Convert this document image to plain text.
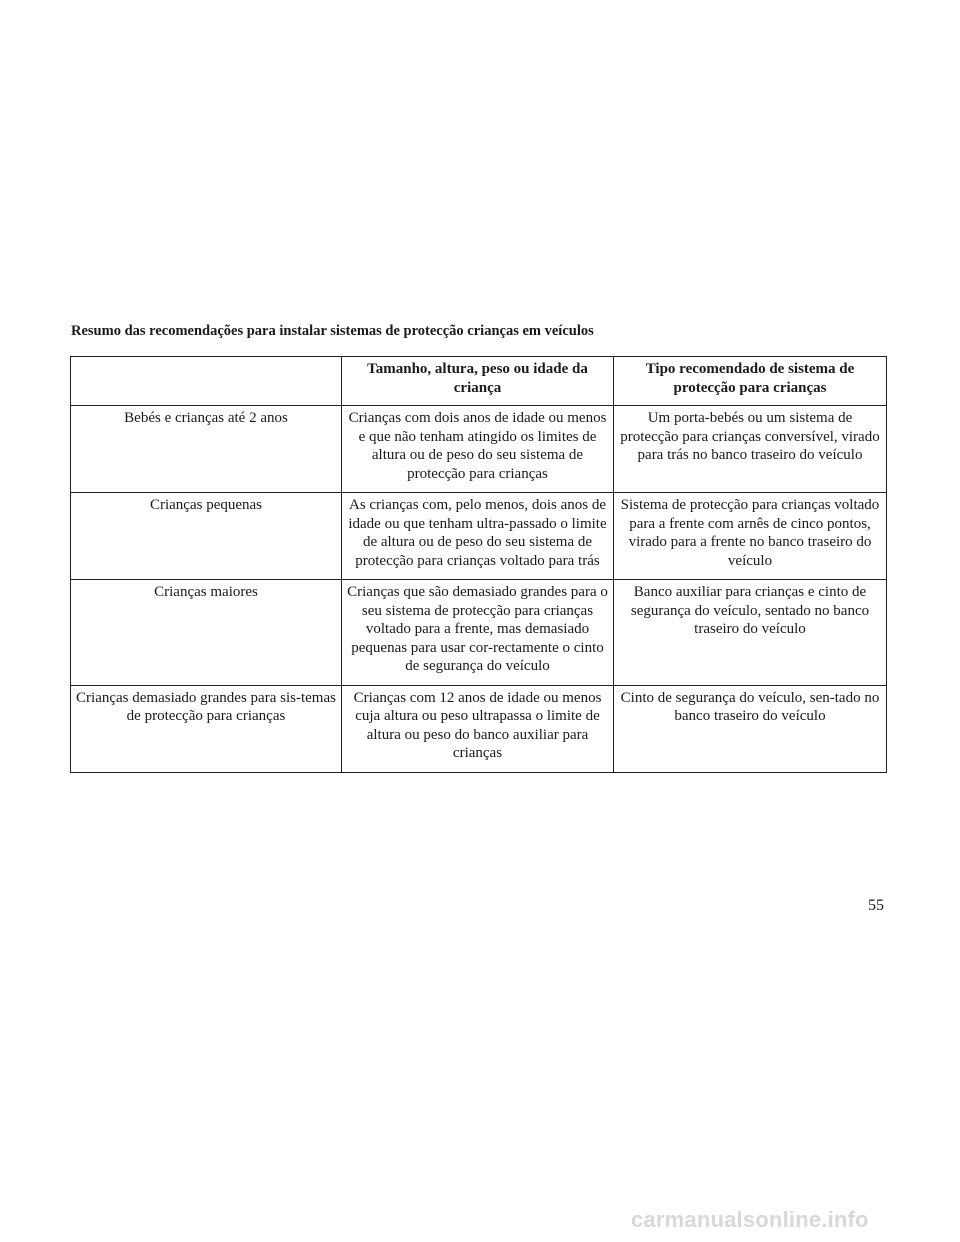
Resumo das recomendações para instalar sistemas de protecção crianças em veículos
	Tamanho, altura, peso ou idade da criança	Tipo recomendado de sistema de protecção para crianças
Bebés e crianças até 2 anos	Crianças com dois anos de idade ou menos e que não tenham atingido os limites de altura ou de peso do seu sistema de protecção para crianças	Um porta-bebés ou um sistema de protecção para crianças conversível, virado para trás no banco traseiro do veículo
Crianças pequenas	As crianças com, pelo menos, dois anos de idade ou que tenham ultra-passado o limite de altura ou de peso do seu sistema de protecção para crianças voltado para trás	Sistema de protecção para crianças voltado para a frente com arnês de cinco pontos, virado para a frente no banco traseiro do veículo
Crianças maiores	Crianças que são demasiado grandes para o seu sistema de protecção para crianças voltado para a frente, mas demasiado pequenas para usar cor-rectamente o cinto de segurança do veículo	Banco auxiliar para crianças e cinto de segurança do veículo, sentado no banco traseiro do veículo
Crianças demasiado grandes para sis-temas de protecção para crianças	Crianças com 12 anos de idade ou menos cuja altura ou peso ultrapassa o limite de altura ou peso do banco auxiliar para crianças	Cinto de segurança do veículo, sen-tado no banco traseiro do veículo
55
carmanualsonline.info
